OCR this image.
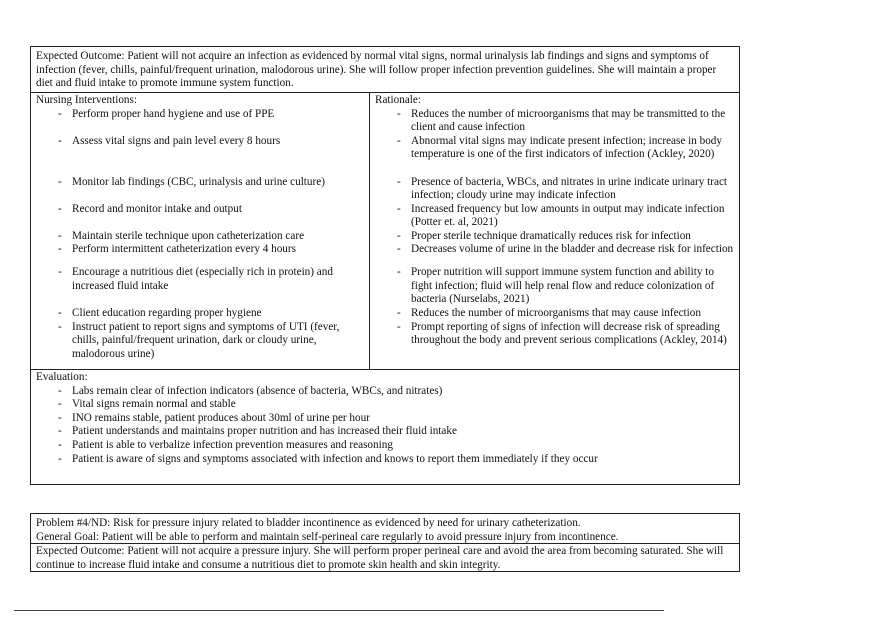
Expected Outcome: Patient will not acquire an infection as evidenced by normal vital signs, normal urinalysis lab findings and signs and symptoms of infection (fever, chills, painful/frequent urination, malodorous urine). She will follow proper infection prevention guidelines. She will maintain a proper diet and fluid intake to promote immune system function.

Nursing Interventions:
- Perform proper hand hygiene and use of PPE
- Assess vital signs and pain level every 8 hours
- Monitor lab findings (CBC, urinalysis and urine culture)
- Record and monitor intake and output
- Maintain sterile technique upon catheterization care
- Perform intermittent catheterization every 4 hours
- Encourage a nutritious diet (especially rich in protein) and increased fluid intake
- Client education regarding proper hygiene
- Instruct patient to report signs and symptoms of UTI (fever, chills, painful/frequent urination, dark or cloudy urine, malodorous urine)
Rationale:
- Reduces the number of microorganisms that may be transmitted to the client and cause infection
- Abnormal vital signs may indicate present infection; increase in body temperature is one of the first indicators of infection (Ackley, 2020)
- Presence of bacteria, WBCs, and nitrates in urine indicate urinary tract infection; cloudy urine may indicate infection
- Increased frequency but low amounts in output may indicate infection (Potter et. al, 2021)
- Proper sterile technique dramatically reduces risk for infection
- Decreases volume of urine in the bladder and decrease risk for infection
- Proper nutrition will support immune system function and ability to fight infection; fluid will help renal flow and reduce colonization of bacteria (Nurselabs, 2021)
- Reduces the number of microorganisms that may cause infection
- Prompt reporting of signs of infection will decrease risk of spreading throughout the body and prevent serious complications (Ackley, 2014)
Evaluation:
- Labs remain clear of infection indicators (absence of bacteria, WBCs, and nitrates)
- Vital signs remain normal and stable
- INO remains stable, patient produces about 30ml of urine per hour
- Patient understands and maintains proper nutrition and has increased their fluid intake
- Patient is able to verbalize infection prevention measures and reasoning
- Patient is aware of signs and symptoms associated with infection and knows to report them immediately if they occur
Problem #4/ND: Risk for pressure injury related to bladder incontinence as evidenced by need for urinary catheterization.
General Goal: Patient will be able to perform and maintain self-perineal care regularly to avoid pressure injury from incontinence.

Expected Outcome: Patient will not acquire a pressure injury. She will perform proper perineal care and avoid the area from becoming saturated. She will continue to increase fluid intake and consume a nutritious diet to promote skin health and skin integrity.
